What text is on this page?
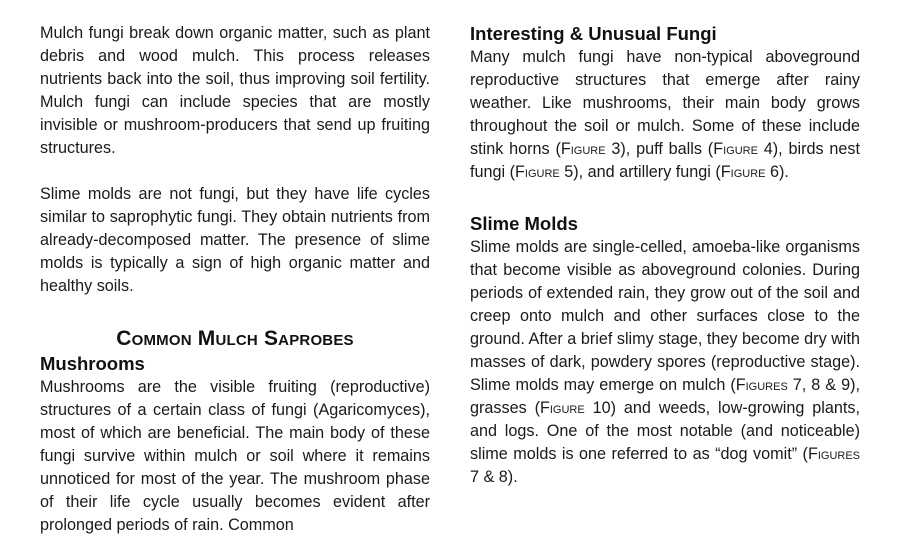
Mulch fungi break down organic matter, such as plant debris and wood mulch. This process releases nutrients back into the soil, thus improving soil fertility. Mulch fungi can include species that are mostly invisible or mushroom-producers that send up fruiting structures.

Slime molds are not fungi, but they have life cycles similar to saprophytic fungi. They obtain nutrients from already-decomposed matter. The presence of slime molds is typically a sign of high organic matter and healthy soils.

Common Mulch Saprobes
Mushrooms

Mushrooms are the visible fruiting (reproductive) structures of a certain class of fungi (Agaricomyces), most of which are beneficial. The main body of these fungi survive within mulch or soil where it remains unnoticed for most of the year. The mushroom phase of their life cycle usually becomes evident after prolonged periods of rain. Common

Interesting & Unusual Fungi

Many mulch fungi have non-typical aboveground reproductive structures that emerge after rainy weather. Like mushrooms, their main body grows throughout the soil or mulch. Some of these include stink horns (Figure 3), puff balls (Figure 4), birds nest fungi (Figure 5), and artillery fungi (Figure 6).

Slime Molds

Slime molds are single-celled, amoeba-like organisms that become visible as aboveground colonies. During periods of extended rain, they grow out of the soil and creep onto mulch and other surfaces close to the ground. After a brief slimy stage, they become dry with masses of dark, powdery spores (reproductive stage). Slime molds may emerge on mulch (Figures 7, 8 & 9), grasses (Figure 10) and weeds, low-growing plants, and logs. One of the most notable (and noticeable) slime molds is one referred to as “dog vomit” (Figures 7 & 8).
